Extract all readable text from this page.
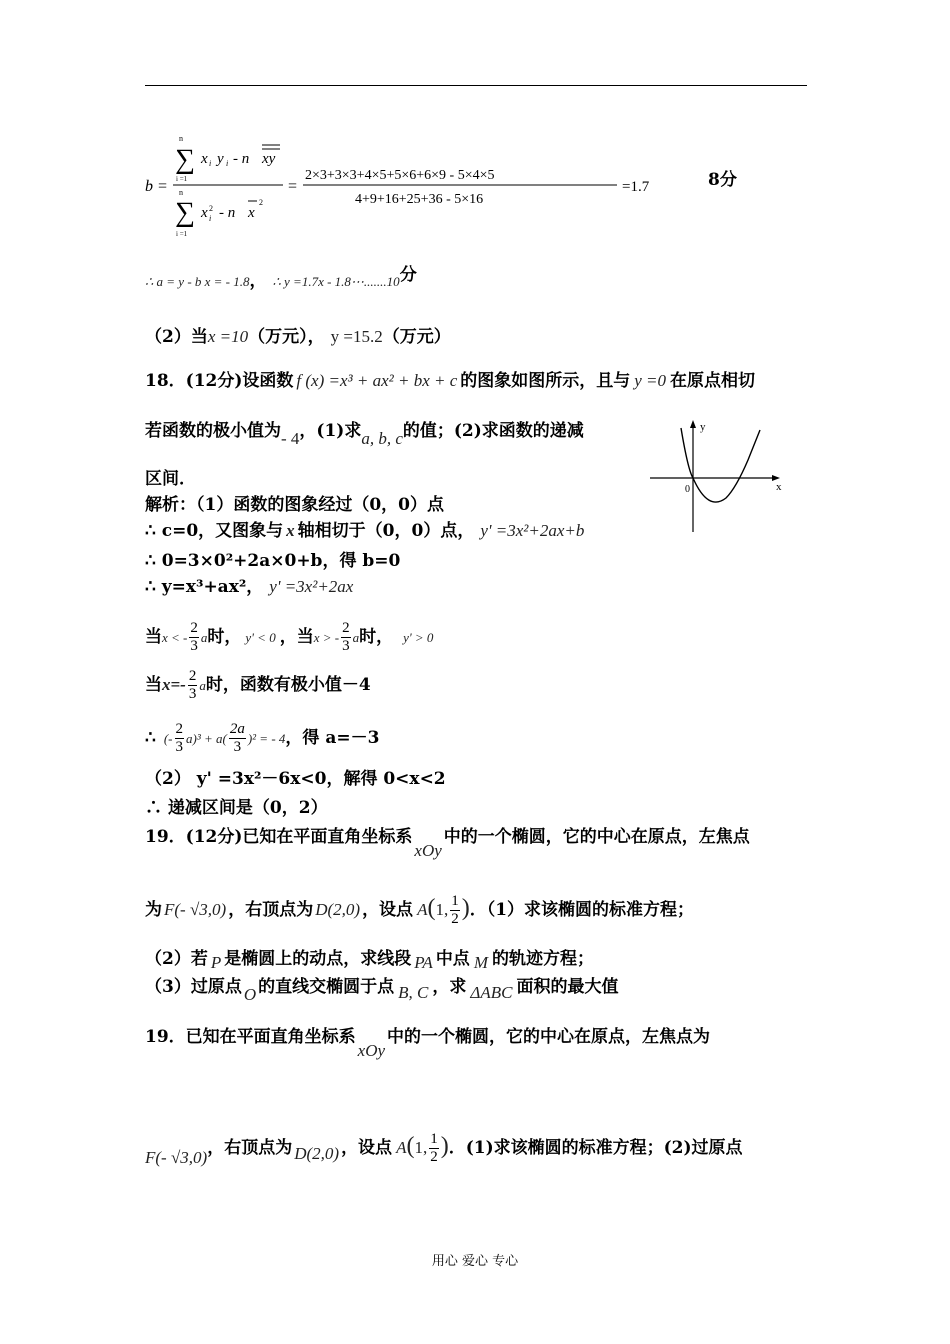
b =
n
∑
i =1
x i y i - n xy
n
∑
i =1
x 2
i - n x
2
=
2×3+3×3+4×5+5×6+6×9 - 5×4×5
4+9+16+25+36 - 5×16
=1.7	8分
∴ a = y - b x = - 1.8， ∴ y =1.7x - 1.8⋯.......10分
（2）当x =10（万元）， y =15.2（万元）
18．(12分)设函数 f (x) =x³ + ax² + bx + c 的图象如图所示，且与 y =0 在原点相切
若函数的极小值为- 4，(1)求a, b, c的值；(2)求函数的递减
区间．
y
x
0
解析：（1）函数的图象经过（0，0）点
∴ c=0，又图象与 x 轴相切于（0，0）点， y' =3x²+2ax+b
∴ 0=3×0²+2a×0+b，得 b=0
∴ y=x³+ax²， y' =3x²+2ax
当x < - $\frac{2}{3}$ a时， y' < 0 ，当x > - $\frac{2}{3}$ a时， y' > 0
当$x=- \frac{2}{3}$ a时，函数有极小值－4
∴ (- $\frac{2}{3} a)^3 + a( \frac{2a}{3} )^2$ = - 4，得 a=－3
（2） y' =3x²－6x<0，解得 0<x<2
∴ 递减区间是（0，2）
19．(12分)已知在平面直角坐标系xOy中的一个椭圆，它的中心在原点，左焦点
为 F(- √3,0) ，右顶点为 D(2,0) ，设点 A(1, $\frac{1}{2}$ )．（1）求该椭圆的标准方程；
（2）若 P 是椭圆上的动点，求线段 PA 中点 M 的轨迹方程；
（3）过原点 O 的直线交椭圆于点 B, C ，求 ΔABC 面积的最大值
19．已知在平面直角坐标系xOy中的一个椭圆，它的中心在原点，左焦点为
F(- √3,0)，右顶点为 D(2,0) ，设点 A(1, $\frac{1}{2}$ )．(1)求该椭圆的标准方程；(2)过原点
用心 爱心 专心
